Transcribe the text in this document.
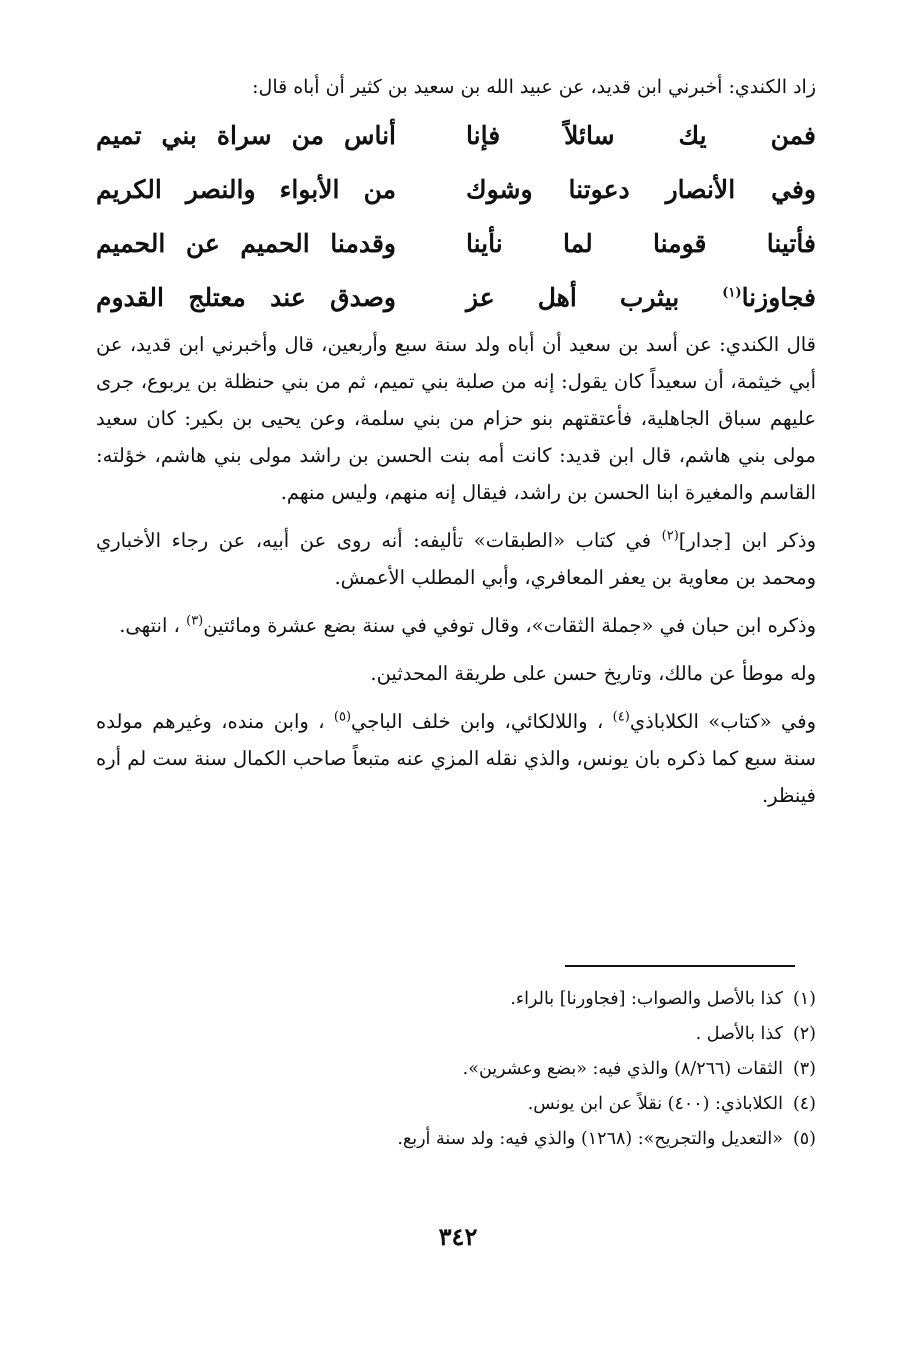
زاد الكندي: أخبرني ابن قديد، عن عبيد الله بن سعيد بن كثير أن أباه قال:
فمن يك سائلاً فإنا
أناس من سراة بني تميم
وفي الأنصار دعوتنا وشوك
من الأبواء والنصر الكريم
فأتينا قومنا لما نأينا
وقدمنا الحميم عن الحميم
فجاوزنا$^{(١)}$ بيثرب أهل عز
وصدق عند معتلج القدوم

قال الكندي: عن أسد بن سعيد أن أباه ولد سنة سبع وأربعين، قال وأخبرني ابن قديد، عن أبي خيثمة، أن سعيداً كان يقول: إنه من صلبة بني تميم، ثم من بني حنظلة بن يربوع، جرى عليهم سباق الجاهلية، فأعتقتهم بنو حزام من بني سلمة، وعن يحيى بن بكير: كان سعيد مولى بني هاشم، قال ابن قديد: كانت أمه بنت الحسن بن راشد مولى بني هاشم، خؤلته: القاسم والمغيرة ابنا الحسن بن راشد، فيقال إنه منهم، وليس منهم.

وذكر ابن [جدار]$^{(٢)}$ في كتاب «الطبقات» تأليفه: أنه روى عن أبيه، عن رجاء الأخباري ومحمد بن معاوية بن يعفر المعافري، وأبي المطلب الأعمش.

وذكره ابن حبان في «جملة الثقات»، وقال توفي في سنة بضع عشرة ومائتين$^{(٣)}$ ، انتهى.

وله موطأ عن مالك، وتاريخ حسن على طريقة المحدثين.

وفي «كتاب» الكلاباذي$^{(٤)}$ ، واللالكائي، وابن خلف الباجي$^{(٥)}$ ، وابن منده، وغيرهم مولده سنة سبع كما ذكره بان يونس، والذي نقله المزي عنه متبعاً صاحب الكمال سنة ست لم أره فينظر.

(١)كذا بالأصل والصواب: [فجاورنا] بالراء.
(٢)كذا بالأصل .
(٣)الثقات (٨/٢٦٦) والذي فيه: «بضع وعشرين».
(٤)الكلاباذي: (٤٠٠) نقلاً عن ابن يونس.
(٥)«التعديل والتجريح»: (١٢٦٨) والذي فيه: ولد سنة أربع.
٣٤٢
